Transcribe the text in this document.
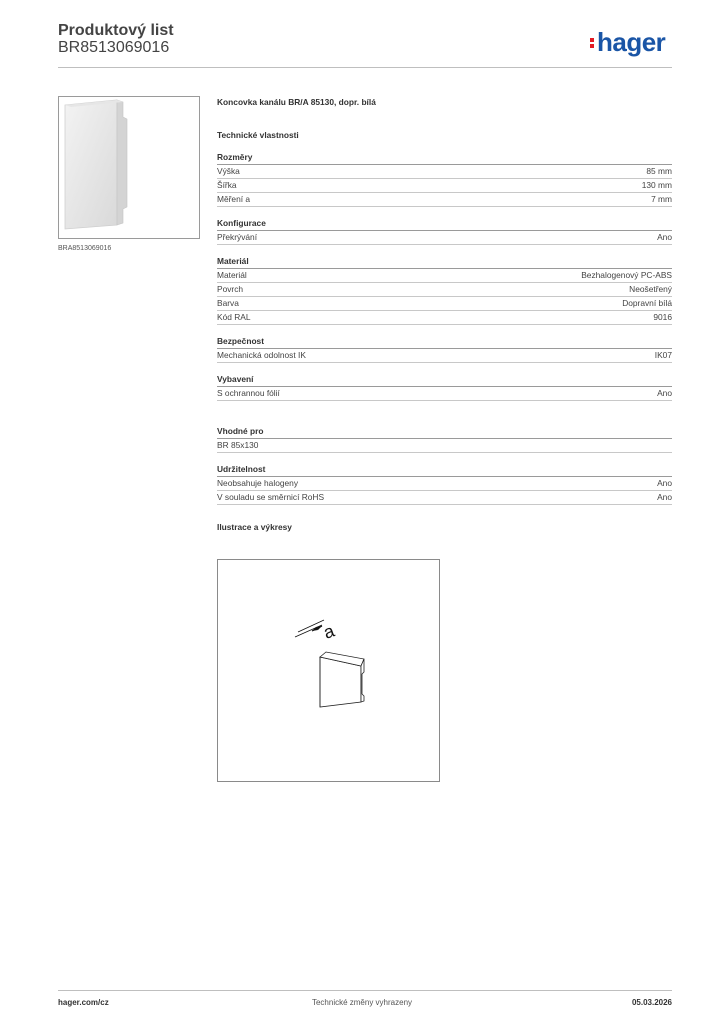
Produktový list
BR8513069016	hager
BRA8513069016
Koncovka kanálu BR/A 85130, dopr. bílá
Technické vlastnosti
Rozměry
Výška	85 mm
Šířka	130 mm
Měření a	7 mm
Konfigurace
Překrývání	Ano
Materiál
Materiál	Bezhalogenový PC-ABS
Povrch	Neošetřený
Barva	Dopravní bílá
Kód RAL	9016
Bezpečnost
Mechanická odolnost IK	IK07
Vybavení
S ochrannou fólií	Ano
Vhodné pro
BR 85x130
Udržitelnost
Neobsahuje halogeny	Ano
V souladu se směrnicí RoHS	Ano
Ilustrace a výkresy
a
hager.com/cz	Technické změny vyhrazeny	05.03.2026
